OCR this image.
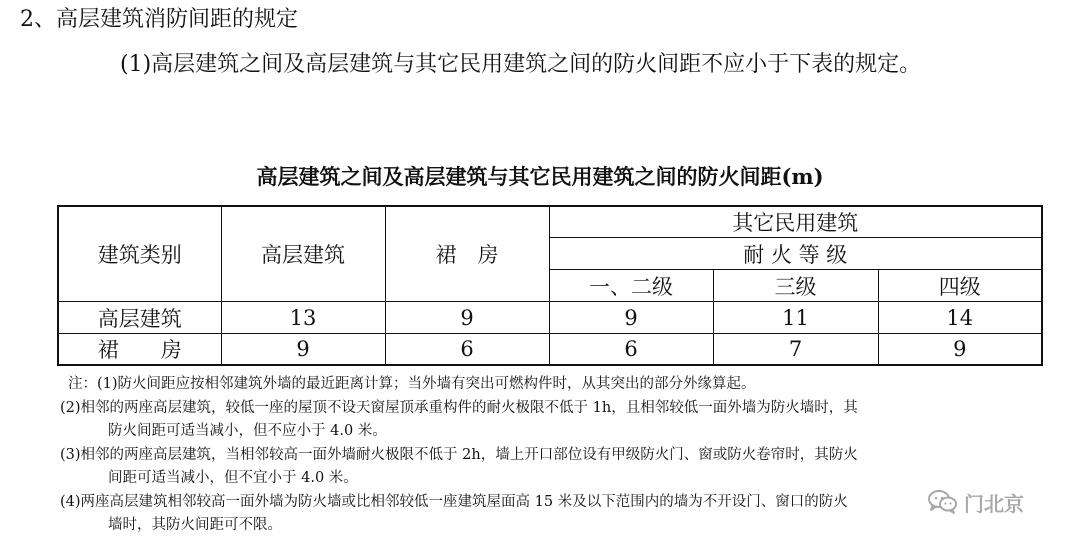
2、高层建筑消防间距的规定
(1)高层建筑之间及高层建筑与其它民用建筑之间的防火间距不应小于下表的规定。
高层建筑之间及高层建筑与其它民用建筑之间的防火间距(m)
建筑类别	高层建筑	裙　房	其它民用建筑		
			耐 火 等 级		
			一、二级	三级	四级
高层建筑	13	9	9	11	14
裙　　房	9	6	6	7	9
注：(1)防火间距应按相邻建筑外墙的最近距离计算；当外墙有突出可燃构件时，从其突出的部分外缘算起。
(2)相邻的两座高层建筑，较低一座的屋顶不设天窗屋顶承重构件的耐火极限不低于 1h，且相邻较低一面外墙为防火墙时，其
防火间距可适当减小，但不应小于 4.0 米。
(3)相邻的两座高层建筑，当相邻较高一面外墙耐火极限不低于 2h，墙上开口部位设有甲级防火门、窗或防火卷帘时，其防火
间距可适当减小，但不宜小于 4.0 米。
(4)两座高层建筑相邻较高一面外墙为防火墙或比相邻较低一座建筑屋面高 15 米及以下范围内的墙为不开设门、窗口的防火
墙时，其防火间距可不限。
门北京
